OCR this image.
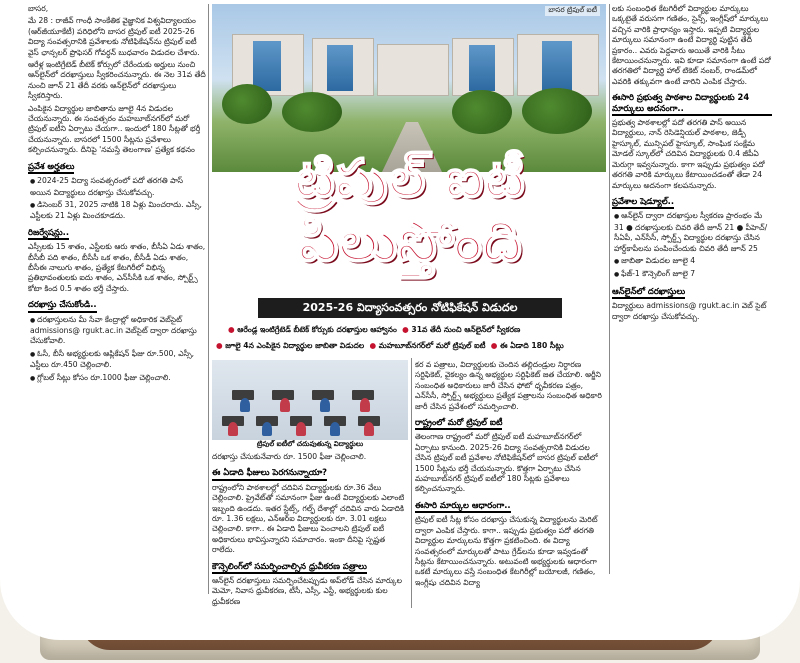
బాసర,

మే 28 : రాజీవ్ గాంధీ సాంకేతిక వైజ్ఞానిక విశ్వవిద్యాలయం (ఆర్‌జీయూకేటీ) పరిధిలోని బాసర ట్రిపుల్ ఐటీ 2025-26 విద్యా సంవత్సరానికి ప్రవేశాలకు నోటిఫికేషన్‌ను ట్రిపుల్ ఐటీ వైస్ ఛాన్సలర్ ప్రొఫెసర్ గోవర్ధన్ బుధవారం విడుదల చేశారు.

ఆరేళ్ల ఇంటిగ్రేటెడ్ బీటెక్ కోర్సులో చేరేందుకు అర్హులు నుంచి ఆన్‌లైన్‌లో దరఖాస్తులు స్వీకరించనున్నారు. ఈ నెల 31వ తేదీ నుంచి జూన్ 21 తేదీ వరకు ఆన్‌లైన్‌లో దరఖాస్తులు స్వీకరిస్తారు.

ఎంపికైన విద్యార్థుల జాబితాను జూలై 4న విడుదల చేయనున్నారు. ఈ సంవత్సరం మహబూబ్‌నగర్‌లో మరో ట్రిపుల్ ఐటీని ఏర్పాటు చేయగా.. ఇందులో 180 సీట్లతో భర్తీ చేయనున్నారు. బాసరలో 1500 సీట్లను ప్రవేశాలు కల్పించనున్నారు. దీనిపై 'నమస్తే తెలంగాణ' ప్రత్యేక కథనం

ప్రవేశ అర్హతలు

● 2024-25 విద్యా సంవత్సరంలో పదో తరగతి పాస్ అయిన విద్యార్థులు దరఖాస్తు చేసుకోవచ్చు.

● డిసెంబర్ 31, 2025 నాటికి 18 ఏళ్లు మించరాదు. ఎస్సీ, ఎస్టీలకు 21 ఏళ్లు మించకూడదు.

రిజర్వేషన్లు..

ఎస్సీలకు 15 శాతం, ఎస్టీలకు ఆరు శాతం, బీసీఏ ఏడు శాతం, బీసీబీ పది శాతం, బీసీసీ ఒక శాతం, బీసీడీ ఏడు శాతం, బీసీఈ నాలుగు శాతం, ప్రత్యేక కేటగిరీలో విభిన్న ప్రతిభావంతులకు ఐదు శాతం, ఎన్‌సీసీకి ఒక శాతం, స్పోర్ట్స్ కోటా కింద 0.5 శాతం భర్తీ చేస్తారు.

దరఖాస్తు చేసుకోండి..

● దరఖాస్తులను మీ సేవా కేంద్రాల్లో అధికారిక వెబ్‌సైట్ admissions@ rgukt.ac.in వెబ్‌సైట్ ద్వారా దరఖాస్తు చేసుకోవాలి.

● ఓసీ, బీసీ అభ్యర్థులకు ఆప్లికేషన్ ఫీజు రూ.500, ఎస్సీ, ఎస్టీలు రూ.450 చెల్లించాలి.

● గ్లోబల్ సీట్లు కోసం రూ.1000 ఫీజు చెల్లించాలి.

బాసర ట్రిపుల్ ఐటీ
ట్రిపుల్ ఐటీ
పిలుస్తోంది
2025-26 విద్యాసంవత్సరం నోటిఫికేషన్ విడుదల
● ఆరేండ్ల ఇంటిగ్రేటెడ్ బీటెక్ కోర్సుకు దరఖాస్తుల ఆహ్వానం ● 31వ తేదీ నుంచి ఆన్‌లైన్‌లో స్వీకరణ
● జూలై 4న ఎంపికైన విద్యార్థుల జాబితా విడుదల ● మహబూబ్‌నగర్‌లో మరో ట్రిపుల్ ఐటీ ● ఈ ఏడాది 180 సీట్లు
ట్రిపుల్ ఐటీలో చదువుతున్న విద్యార్థులు

దరఖాస్తు చేసుకునేవారు రూ. 1500 ఫీజు చెల్లించాలి.

ఈ ఏడాది ఫీజులు పెరగనున్నాయా?

రాష్ట్రంలోని పాఠశాలల్లో చదివిన విద్యార్థులకు రూ.36 వేలు చెల్లించాలి. ప్రైవేట్‌తో సమానంగా ఫీజు ఉంటే విద్యార్థులకు ఎలాంటి ఇబ్బంది ఉండదు. ఇతర స్టేట్స్, గల్ఫ్ దేశాల్లో చదివిన వారు ఏడాదికి రూ. 1.36 లక్షలు, ఎన్‌ఆర్‌ఐ విద్యార్థులకు రూ. 3.01 లక్షలు చెల్లించాలి. కాగా.. ఈ ఏడాది ఫీజులు పెంచాలని ట్రిపుల్ ఐటీ అధికారులు భావిస్తున్నారని సమాచారం. ఇంకా దీనిపై స్పష్టత రాలేదు.

కౌన్సెలింగ్‌లో సమర్పించాల్సిన ధ్రువీకరణ పత్రాలు

ఆన్‌లైన్ దరఖాస్తులు సమర్పించేటప్పుడు అప్‌లోడ్ చేసిన మార్కుల మెమో, నివాస ధ్రువీకరణ, టీసీ, ఎస్సీ, ఎస్టీ, అభ్యర్థులకు కుల ధ్రువీకరణ

కర వ పత్రాలు, విద్యార్థులకు చెందిన తల్లిదండ్రుల నిర్ధారణ సర్టిఫికెట్, వైకల్యం ఉన్న అభ్యర్థుల సర్టిఫికెట్ జత చేయాలి. అర్జీని సంబంధిత అధికారులు జారీ చేసిన ఫోటో ధృవీకరణ పత్రం, ఎన్‌సీసీ, స్పోర్ట్స్ అభ్యర్థులు ప్రత్యేక పత్రాలను సంబంధిత అధికారి జారీ చేసిన ప్రవేశంలో సమర్పించాలి.

రాష్ట్రంలో మరో ట్రిపుల్ ఐటీ

తెలంగాణ రాష్ట్రంలో మరో ట్రిపుల్ ఐటీ మహబూబ్‌నగర్‌లో ఏర్పాటు కానుంది. 2025-26 విద్యా సంవత్సరానికి విడుదల చేసిన ట్రిపుల్ ఐటీ ప్రవేశాల నోటిఫికేషన్‌లో బాసర ట్రిపుల్ ఐటీలో 1500 సీట్లను భర్తీ చేయనున్నారు. కొత్తగా ఏర్పాటు చేసిన మహబూబ్‌నగర్ ట్రిపుల్ ఐటీలో 180 సీట్లకు ప్రవేశాలు కల్పించనున్నారు.

ఈసారి మార్కుల ఆధారంగా..

ట్రిపుల్ ఐటీ సీట్ల కోసం దరఖాస్తు చేసుకున్న విద్యార్థులను మెరిట్ ద్వారా ఎంపిక చేస్తారు. కాగా.. ఇప్పుడు ప్రభుత్వం పదో తరగతి విద్యార్థుల మార్కులను కొత్తగా ప్రకటించింది. ఈ విద్యా సంవత్సరంలో మార్కులతో పాటు గ్రేడ్‌లను కూడా ఇవ్వడంతో సీట్లను కేటాయించనున్నారు. అటువంటి అభ్యర్థులకు ఆధారంగా ఒకటే మార్కులు వస్తే సంబంధిత కేటగిరీల్లో బయోలజీ, గణితం, ఇంగ్లీషు చదివిన విద్యా

లకు సంబంధిత కేటగిరీలో విద్యార్థుల మార్కులు ఒక్కటైతే వరుసగా గణితం, సైన్స్, ఇంగ్లీష్‌లో మార్కులు వచ్చిన వారికి ప్రాధాన్యం ఇస్తారు. ఇప్పటి విద్యార్థుల మార్కులు సమానంగా ఉంటే విద్యార్థి పుట్టిన తేదీ ప్రకారం.. ఎవరు పెద్దవారు అయితే వారికి సీటు కేటాయించనున్నారు. ఇవి కూడా సమానంగా ఉంటే పదో తరగతిలో విద్యార్థి హాల్ టికెట్ నంబర్, రాండమ్‌లో ఎవరికి తక్కువగా ఉంటే వారిని ఎంపిక చేస్తారు.

ఈసారి ప్రభుత్వ పాఠశాల విద్యార్థులకు 24 మార్కులు అదనంగా..

ప్రభుత్వ పాఠశాలల్లో పదో తరగతి పాస్ అయిన విద్యార్థులు, నాన్ రెసిడెన్షియల్ పాఠశాల, జెడ్పీ హైస్కూల్, మున్సిపల్ హైస్కూల్, సాంఘిక సంక్షేమ మోడల్ స్కూల్‌లో చదివిన విద్యార్థులకు 0.4 జీపీఏ మెరుగ్గా ఇవ్వనున్నారు. కాగా ఇప్పుడు ప్రభుత్వం పదో తరగతి వారికి మార్కులు కేటాయించడంతో తేడా 24 మార్కులు అదనంగా కలపనున్నారు.

ప్రవేశాల షెడ్యూల్..

● ఆన్‌లైన్ ద్వారా దరఖాస్తుల స్వీకరణ ప్రారంభం మే 31 ● దరఖాస్తులకు చివరి తేదీ జూన్ 21 ● పీహెచ్/సీఏపీ, ఎన్‌సీసీ, స్పోర్ట్స్ విద్యార్థుల దరఖాస్తు చేసిన హార్డ్‌కాపీలను పంపించేందుకు చివరి తేదీ జూన్ 25

● జాబితా విడుదల జూలై 4

● ఫేజ్-1 కౌన్సెలింగ్ జూలై 7

ఆన్‌లైన్‌లో దరఖాస్తులు

విద్యార్థులు admissions@ rgukt.ac.in వెబ్ సైట్ ద్వారా దరఖాస్తు చేసుకోవచ్చు.
